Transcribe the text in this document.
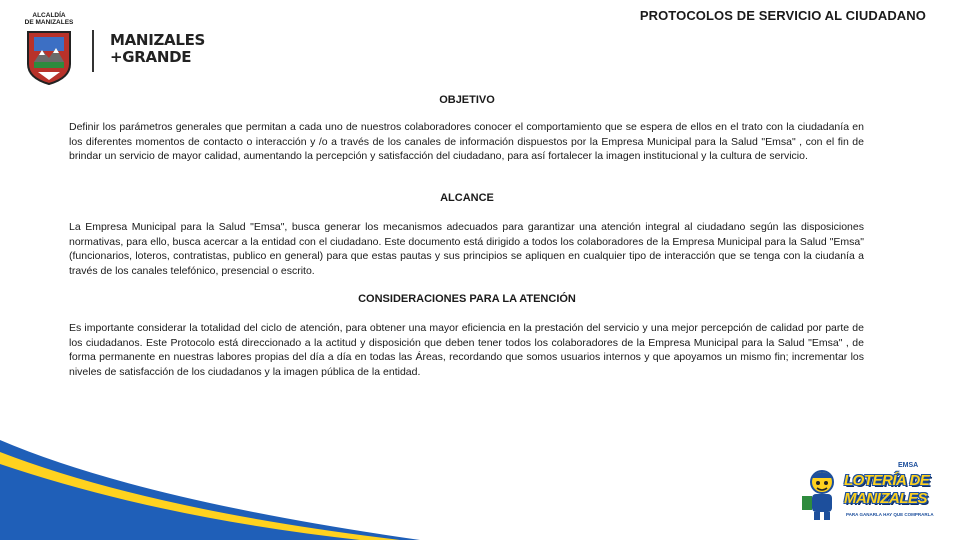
PROTOCOLOS DE SERVICIO AL CIUDADANO
ALCALDÍA
DE MANIZALES
MANIZALES
+GRANDE
OBJETIVO
Definir los parámetros generales que permitan a cada uno de nuestros colaboradores conocer el comportamiento que se espera de ellos en el trato con la ciudadanía en los diferentes momentos de contacto o interacción y /o a través de los canales de información dispuestos por la Empresa Municipal para la Salud "Emsa" , con el fin de brindar un servicio de mayor calidad, aumentando la percepción y satisfacción del ciudadano, para así fortalecer la imagen institucional y la cultura de servicio.
ALCANCE
La Empresa Municipal para la Salud "Emsa", busca generar los mecanismos adecuados para garantizar una atención integral al ciudadano según las disposiciones normativas, para ello, busca acercar a la entidad con el ciudadano. Este documento está dirigido a todos los colaboradores de la Empresa Municipal para la Salud "Emsa" (funcionarios, loteros, contratistas, publico en general) para que estas pautas y sus principios se apliquen en cualquier tipo de interacción que se tenga con la ciudanía a través de los canales telefónico, presencial o escrito.
CONSIDERACIONES PARA LA ATENCIÓN
Es importante considerar la totalidad del ciclo de atención, para obtener una mayor eficiencia en la prestación del servicio y una mejor percepción de calidad por parte de los ciudadanos. Este Protocolo está direccionado a la actitud y disposición que deben tener todos los colaboradores de la Empresa Municipal para la Salud "Emsa" , de forma permanente en nuestras labores propias del día a día en todas las Áreas, recordando que somos usuarios internos y que apoyamos un mismo fin; incrementar los niveles de satisfacción de los ciudadanos y la imagen pública de la entidad.
EMSA
LOTERÍA DE
MANIZALES
PARA GANARLA HAY QUE COMPRARLA
